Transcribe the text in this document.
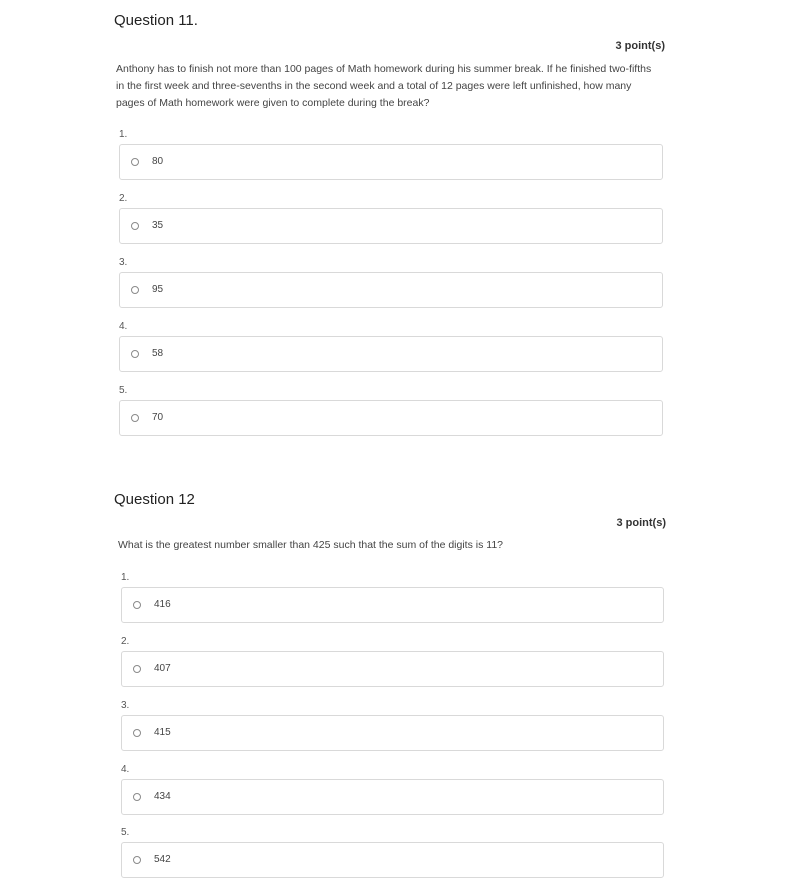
Question 11.
3 point(s)
Anthony has to finish not more than 100 pages of Math homework during his summer break. If he finished two-fifths in the first week and three-sevenths in the second week and a total of 12 pages were left unfinished, how many pages of Math homework were given to complete during the break?
1.
80
2.
35
3.
95
4.
58
5.
70
Question 12
3 point(s)
What is the greatest number smaller than 425 such that the sum of the digits is 11?
1.
416
2.
407
3.
415
4.
434
5.
542
